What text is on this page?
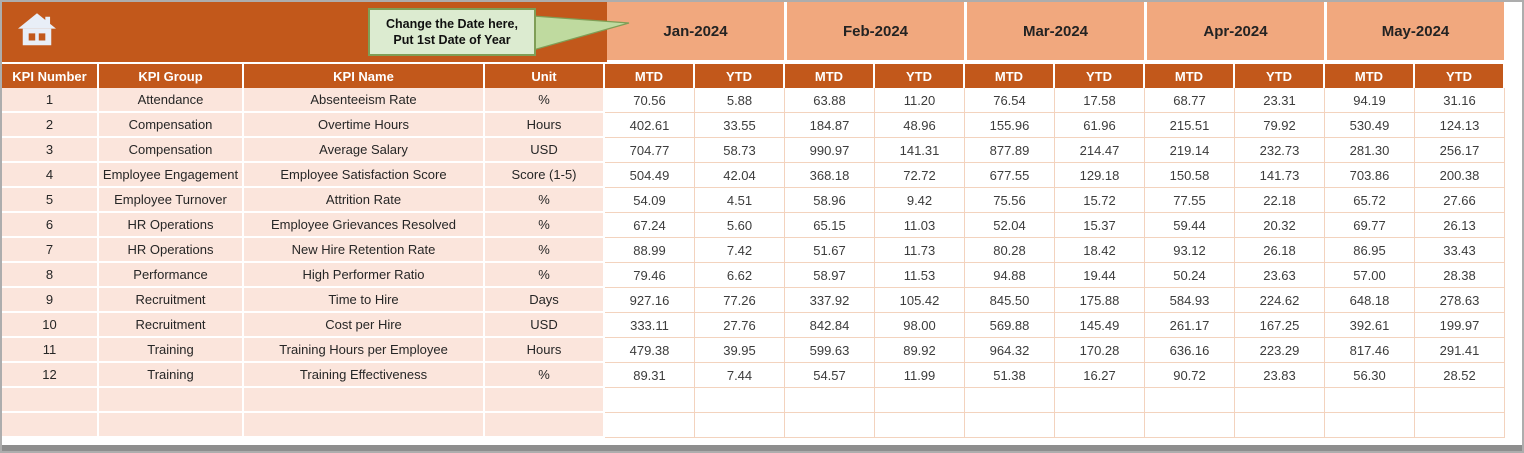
Jan-2024	Feb-2024	Mar-2024	Apr-2024	May-2024
Change the Date here,
Put 1st Date of Year
KPI Number	KPI Group	KPI Name	Unit	MTD	YTD	MTD	YTD	MTD	YTD	MTD	YTD	MTD	YTD
1	Attendance	Absenteeism Rate	%	70.56	5.88	63.88	11.20	76.54	17.58	68.77	23.31	94.19	31.16
2	Compensation	Overtime Hours	Hours	402.61	33.55	184.87	48.96	155.96	61.96	215.51	79.92	530.49	124.13
3	Compensation	Average Salary	USD	704.77	58.73	990.97	141.31	877.89	214.47	219.14	232.73	281.30	256.17
4	Employee Engagement	Employee Satisfaction Score	Score (1-5)	504.49	42.04	368.18	72.72	677.55	129.18	150.58	141.73	703.86	200.38
5	Employee Turnover	Attrition Rate	%	54.09	4.51	58.96	9.42	75.56	15.72	77.55	22.18	65.72	27.66
6	HR Operations	Employee Grievances Resolved	%	67.24	5.60	65.15	11.03	52.04	15.37	59.44	20.32	69.77	26.13
7	HR Operations	New Hire Retention Rate	%	88.99	7.42	51.67	11.73	80.28	18.42	93.12	26.18	86.95	33.43
8	Performance	High Performer Ratio	%	79.46	6.62	58.97	11.53	94.88	19.44	50.24	23.63	57.00	28.38
9	Recruitment	Time to Hire	Days	927.16	77.26	337.92	105.42	845.50	175.88	584.93	224.62	648.18	278.63
10	Recruitment	Cost per Hire	USD	333.11	27.76	842.84	98.00	569.88	145.49	261.17	167.25	392.61	199.97
11	Training	Training Hours per Employee	Hours	479.38	39.95	599.63	89.92	964.32	170.28	636.16	223.29	817.46	291.41
12	Training	Training Effectiveness	%	89.31	7.44	54.57	11.99	51.38	16.27	90.72	23.83	56.30	28.52
